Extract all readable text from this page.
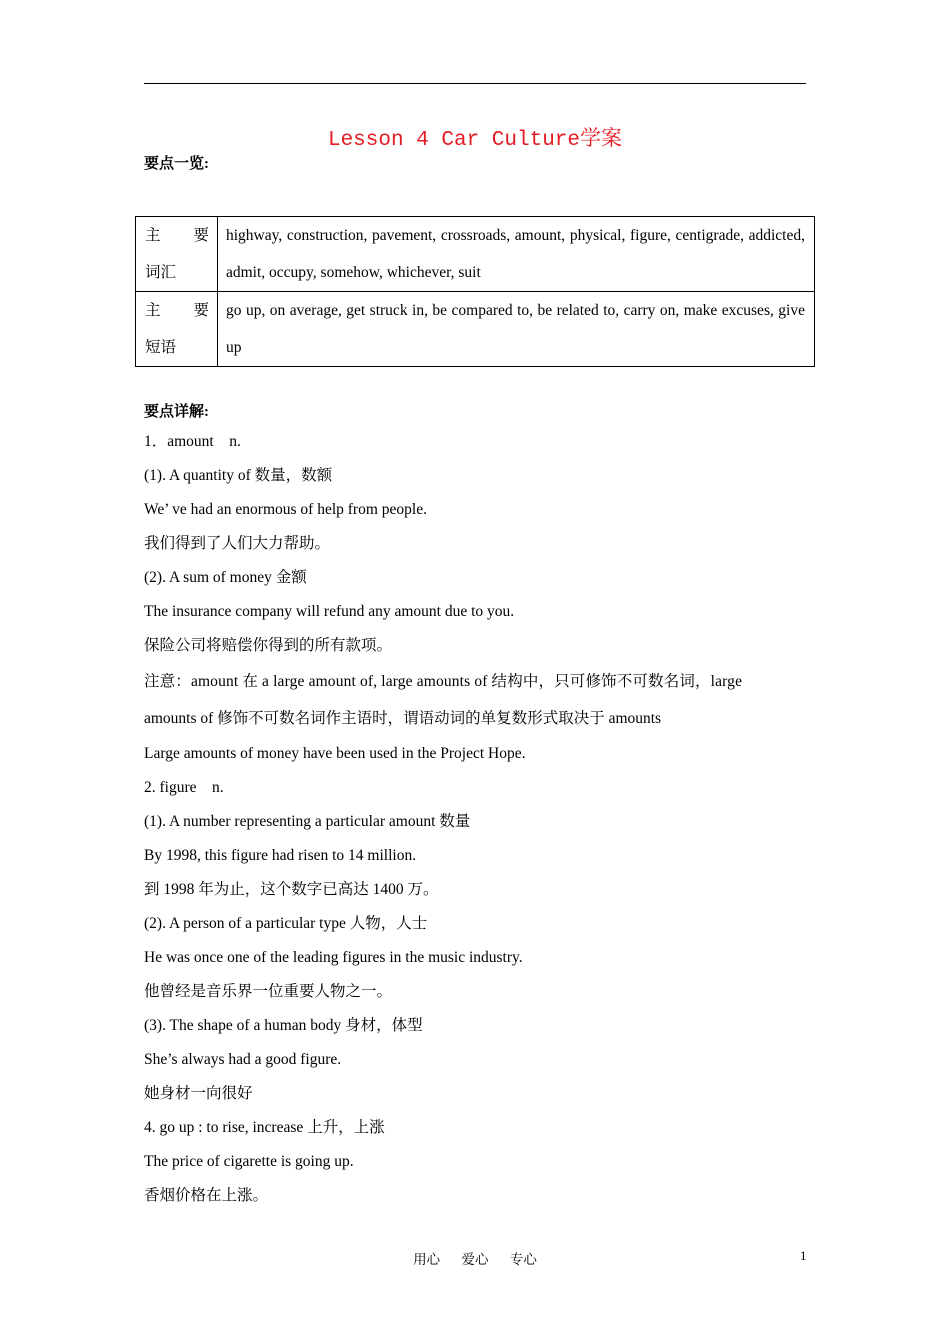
Lesson 4 Car Culture学案
要点一览:
主 要
词汇	highway, construction, pavement, crossroads, amount, physical, figure, centigrade, addicted, admit, occupy, somehow, whichever, suit

主 要
短语	go up, on average, get struck in, be compared to, be related to, carry on, make excuses, give up
要点详解:
1．amount　n.
(1). A quantity of 数量，数额
We’ ve had an enormous of help from people.
我们得到了人们大力帮助。
(2). A sum of money 金额
The insurance company will refund any amount due to you.
保险公司将赔偿你得到的所有款项。
注意：amount 在 a large amount of, large amounts of 结构中，只可修饰不可数名词，large
amounts of 修饰不可数名词作主语时，谓语动词的单复数形式取决于 amounts
Large amounts of money have been used in the Project Hope.
2. figure　n.
(1). A number representing a particular amount 数量
By 1998, this figure had risen to 14 million.
到 1998 年为止，这个数字已高达 1400 万。
(2). A person of a particular type 人物，人士
He was once one of the leading figures in the music industry.
他曾经是音乐界一位重要人物之一。
(3). The shape of a human body 身材，体型
She’s always had a good figure.
她身材一向很好
4. go up : to rise, increase 上升，上涨
The price of cigarette is going up.
香烟价格在上涨。
用心 爱心 专心	1
